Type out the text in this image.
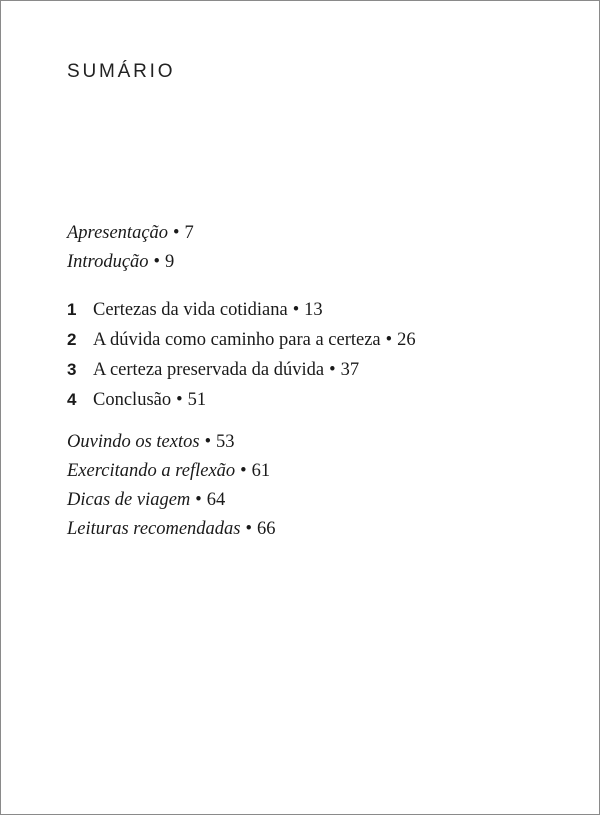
SUMÁRIO
Apresentação • 7
Introdução • 9
1 Certezas da vida cotidiana • 13
2 A dúvida como caminho para a certeza • 26
3 A certeza preservada da dúvida • 37
4 Conclusão • 51
Ouvindo os textos • 53
Exercitando a reflexão • 61
Dicas de viagem • 64
Leituras recomendadas • 66
